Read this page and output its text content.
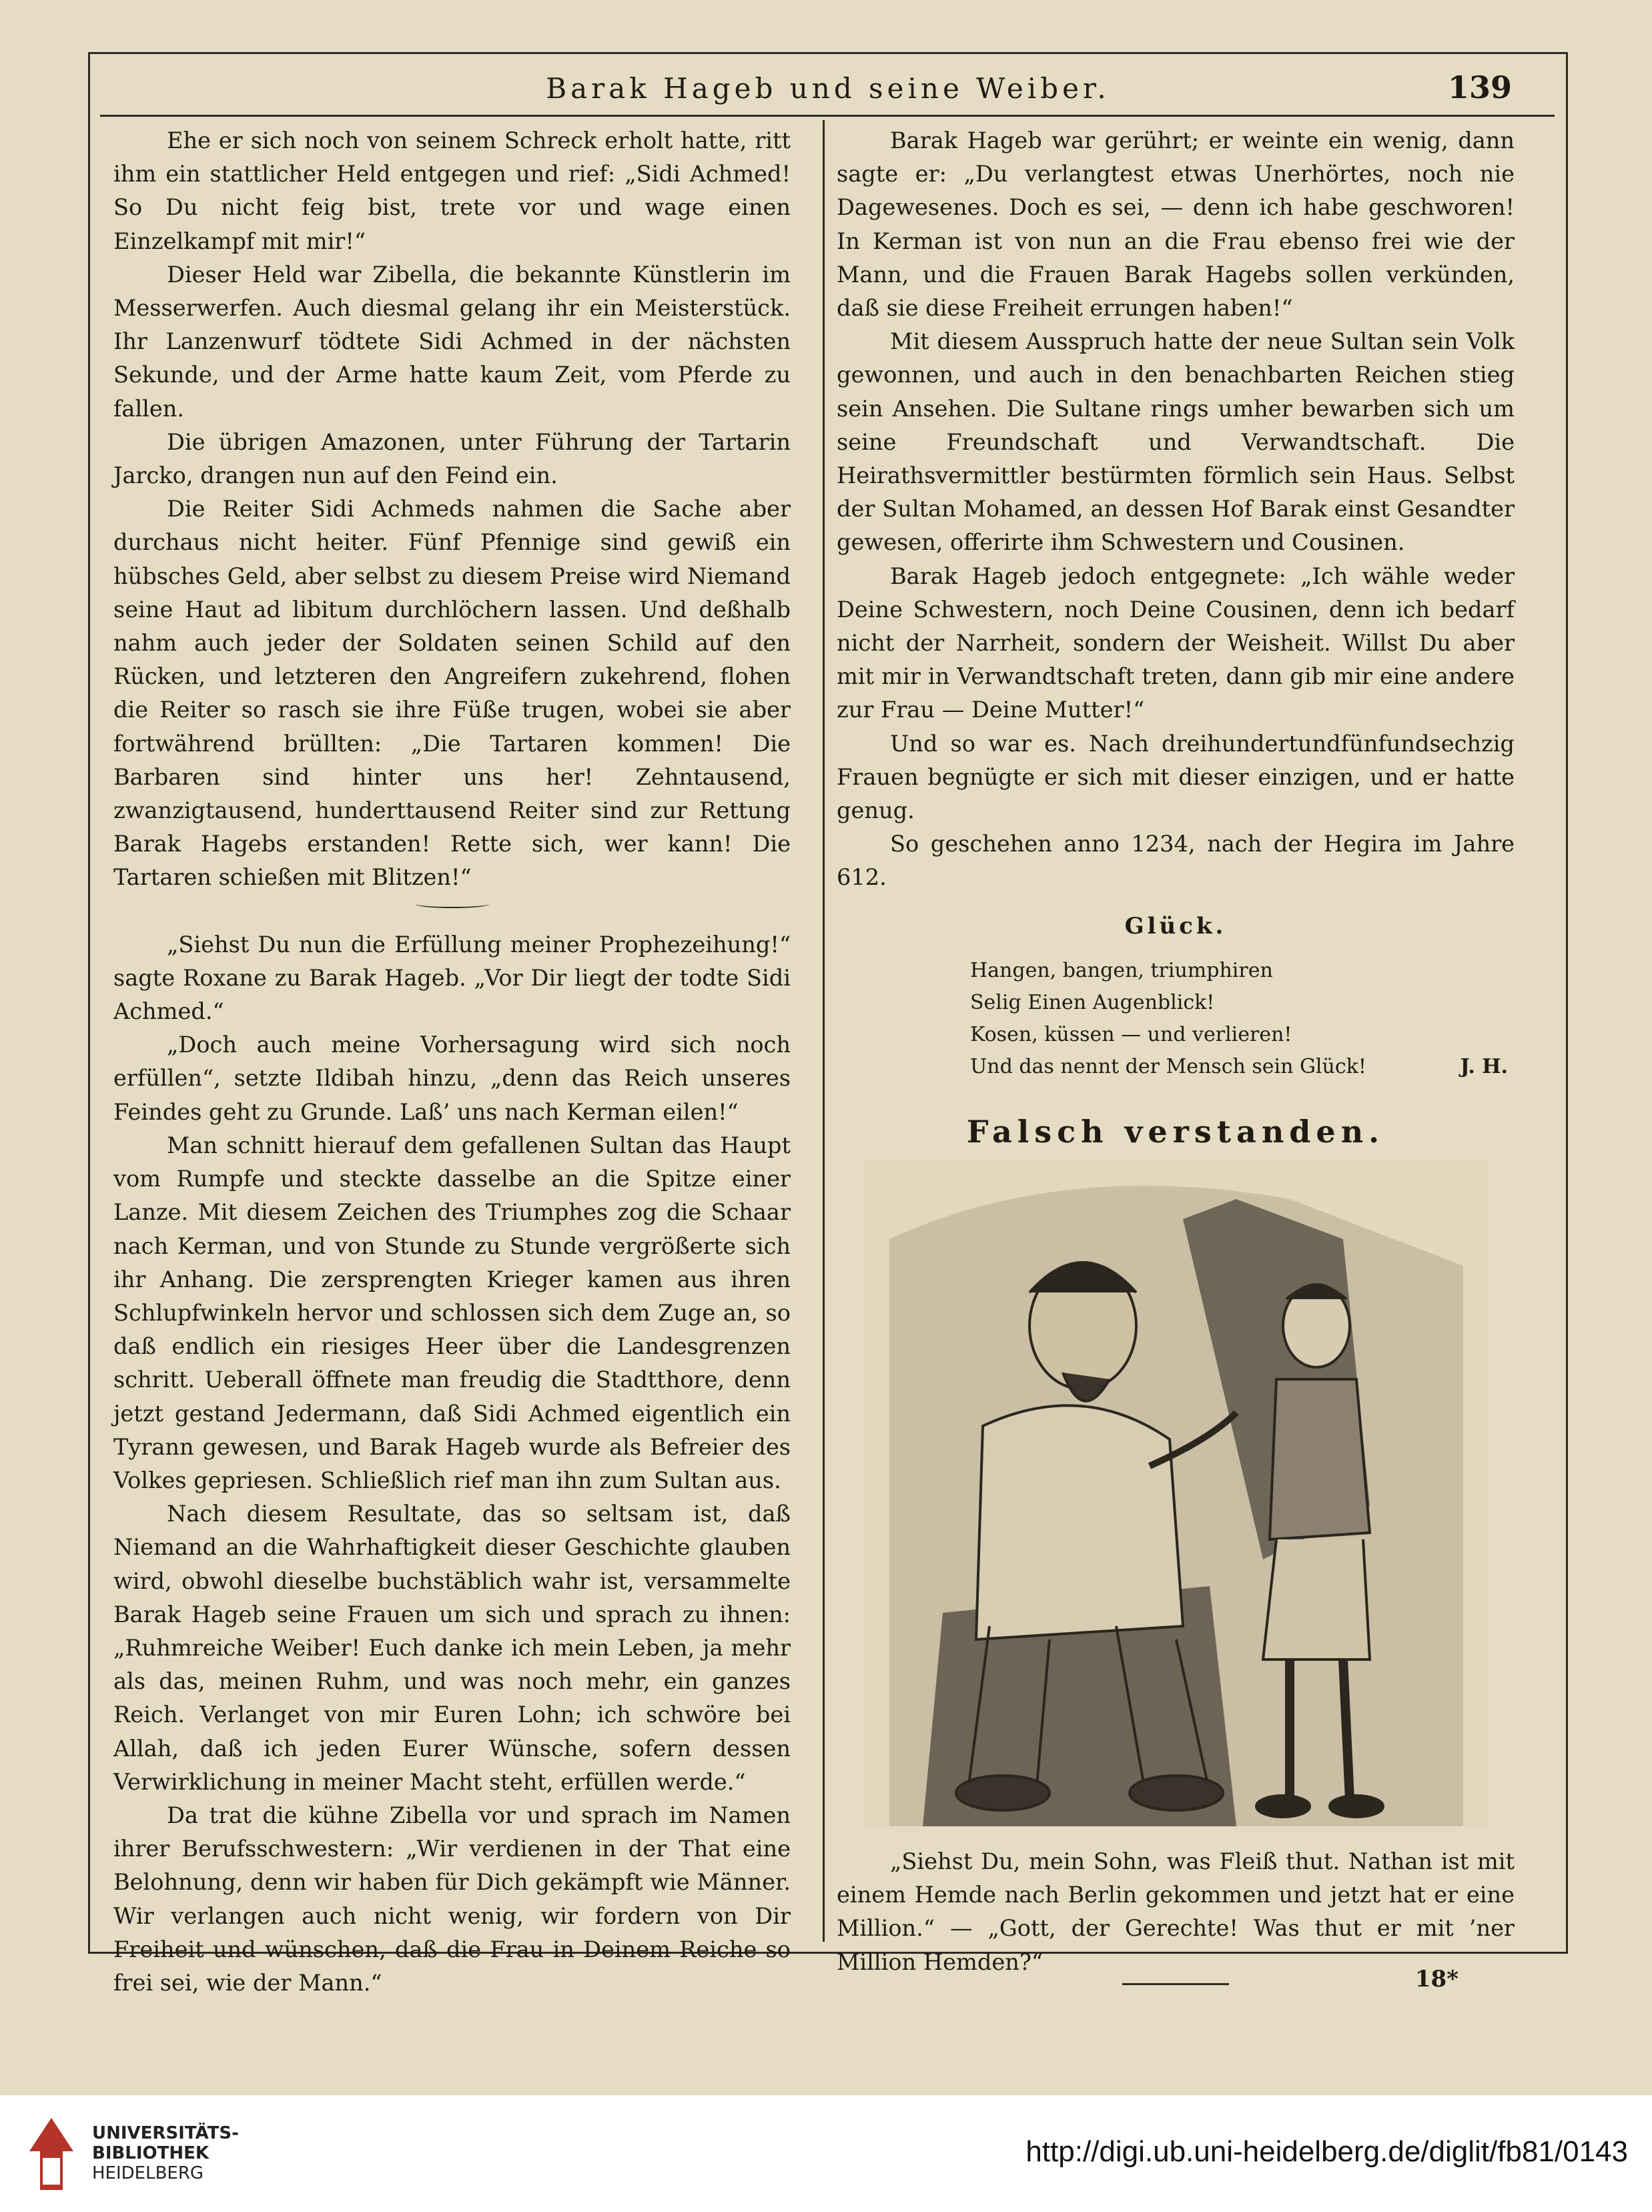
Barak Hageb und seine Weiber.	139

Ehe er sich noch von seinem Schreck erholt hatte, ritt ihm ein stattlicher Held entgegen und rief: „Sidi Achmed! So Du nicht feig bist, trete vor und wage einen Einzelkampf mit mir!“

Dieser Held war Zibella, die bekannte Künstlerin im Messerwerfen. Auch diesmal gelang ihr ein Meisterstück. Ihr Lanzenwurf tödtete Sidi Achmed in der nächsten Sekunde, und der Arme hatte kaum Zeit, vom Pferde zu fallen.

Die übrigen Amazonen, unter Führung der Tartarin Jarcko, drangen nun auf den Feind ein.

Die Reiter Sidi Achmeds nahmen die Sache aber durchaus nicht heiter. Fünf Pfennige sind gewiß ein hübsches Geld, aber selbst zu diesem Preise wird Niemand seine Haut ad libitum durchlöchern lassen. Und deßhalb nahm auch jeder der Soldaten seinen Schild auf den Rücken, und letzteren den Angreifern zukehrend, flohen die Reiter so rasch sie ihre Füße trugen, wobei sie aber fortwährend brüllten: „Die Tartaren kommen! Die Barbaren sind hinter uns her! Zehntausend, zwanzigtausend, hunderttausend Reiter sind zur Rettung Barak Hagebs erstanden! Rette sich, wer kann! Die Tartaren schießen mit Blitzen!“

„Siehst Du nun die Erfüllung meiner Prophezeihung!“ sagte Roxane zu Barak Hageb. „Vor Dir liegt der todte Sidi Achmed.“

„Doch auch meine Vorhersagung wird sich noch erfüllen“, setzte Ildibah hinzu, „denn das Reich unseres Feindes geht zu Grunde. Laß’ uns nach Kerman eilen!“

Man schnitt hierauf dem gefallenen Sultan das Haupt vom Rumpfe und steckte dasselbe an die Spitze einer Lanze. Mit diesem Zeichen des Triumphes zog die Schaar nach Kerman, und von Stunde zu Stunde vergrößerte sich ihr Anhang. Die zersprengten Krieger kamen aus ihren Schlupfwinkeln hervor und schlossen sich dem Zuge an, so daß endlich ein riesiges Heer über die Landesgrenzen schritt. Ueberall öffnete man freudig die Stadtthore, denn jetzt gestand Jedermann, daß Sidi Achmed eigentlich ein Tyrann gewesen, und Barak Hageb wurde als Befreier des Volkes gepriesen. Schließlich rief man ihn zum Sultan aus.

Nach diesem Resultate, das so seltsam ist, daß Niemand an die Wahrhaftigkeit dieser Geschichte glauben wird, obwohl dieselbe buchstäblich wahr ist, versammelte Barak Hageb seine Frauen um sich und sprach zu ihnen: „Ruhmreiche Weiber! Euch danke ich mein Leben, ja mehr als das, meinen Ruhm, und was noch mehr, ein ganzes Reich. Verlanget von mir Euren Lohn; ich schwöre bei Allah, daß ich jeden Eurer Wünsche, sofern dessen Verwirklichung in meiner Macht steht, erfüllen werde.“

Da trat die kühne Zibella vor und sprach im Namen ihrer Berufsschwestern: „Wir verdienen in der That eine Belohnung, denn wir haben für Dich gekämpft wie Männer. Wir verlangen auch nicht wenig, wir fordern von Dir Freiheit und wünschen, daß die Frau in Deinem Reiche so frei sei, wie der Mann.“

Barak Hageb war gerührt; er weinte ein wenig, dann sagte er: „Du verlangtest etwas Unerhörtes, noch nie Dagewesenes. Doch es sei, — denn ich habe geschworen! In Kerman ist von nun an die Frau ebenso frei wie der Mann, und die Frauen Barak Hagebs sollen verkünden, daß sie diese Freiheit errungen haben!“

Mit diesem Ausspruch hatte der neue Sultan sein Volk gewonnen, und auch in den benachbarten Reichen stieg sein Ansehen. Die Sultane rings umher bewarben sich um seine Freundschaft und Verwandtschaft. Die Heirathsvermittler bestürmten förmlich sein Haus. Selbst der Sultan Mohamed, an dessen Hof Barak einst Gesandter gewesen, offerirte ihm Schwestern und Cousinen.

Barak Hageb jedoch entgegnete: „Ich wähle weder Deine Schwestern, noch Deine Cousinen, denn ich bedarf nicht der Narrheit, sondern der Weisheit. Willst Du aber mit mir in Verwandtschaft treten, dann gib mir eine andere zur Frau — Deine Mutter!“

Und so war es. Nach dreihundertundfünfundsechzig Frauen begnügte er sich mit dieser einzigen, und er hatte genug.

So geschehen anno 1234, nach der Hegira im Jahre 612.

Glück.
Hangen, bangen, triumphiren
Selig Einen Augenblick!
Kosen, küssen — und verlieren!
Und das nennt der Mensch sein Glück!	J. H.
Falsch verstanden.

„Siehst Du, mein Sohn, was Fleiß thut. Nathan ist mit einem Hemde nach Berlin gekommen und jetzt hat er eine Million.“ — „Gott, der Gerechte! Was thut er mit ’ner Million Hemden?“

18*
UNIVERSITÄTS-
BIBLIOTHEK
HEIDELBERG
http://digi.ub.uni-heidelberg.de/diglit/fb81/0143
